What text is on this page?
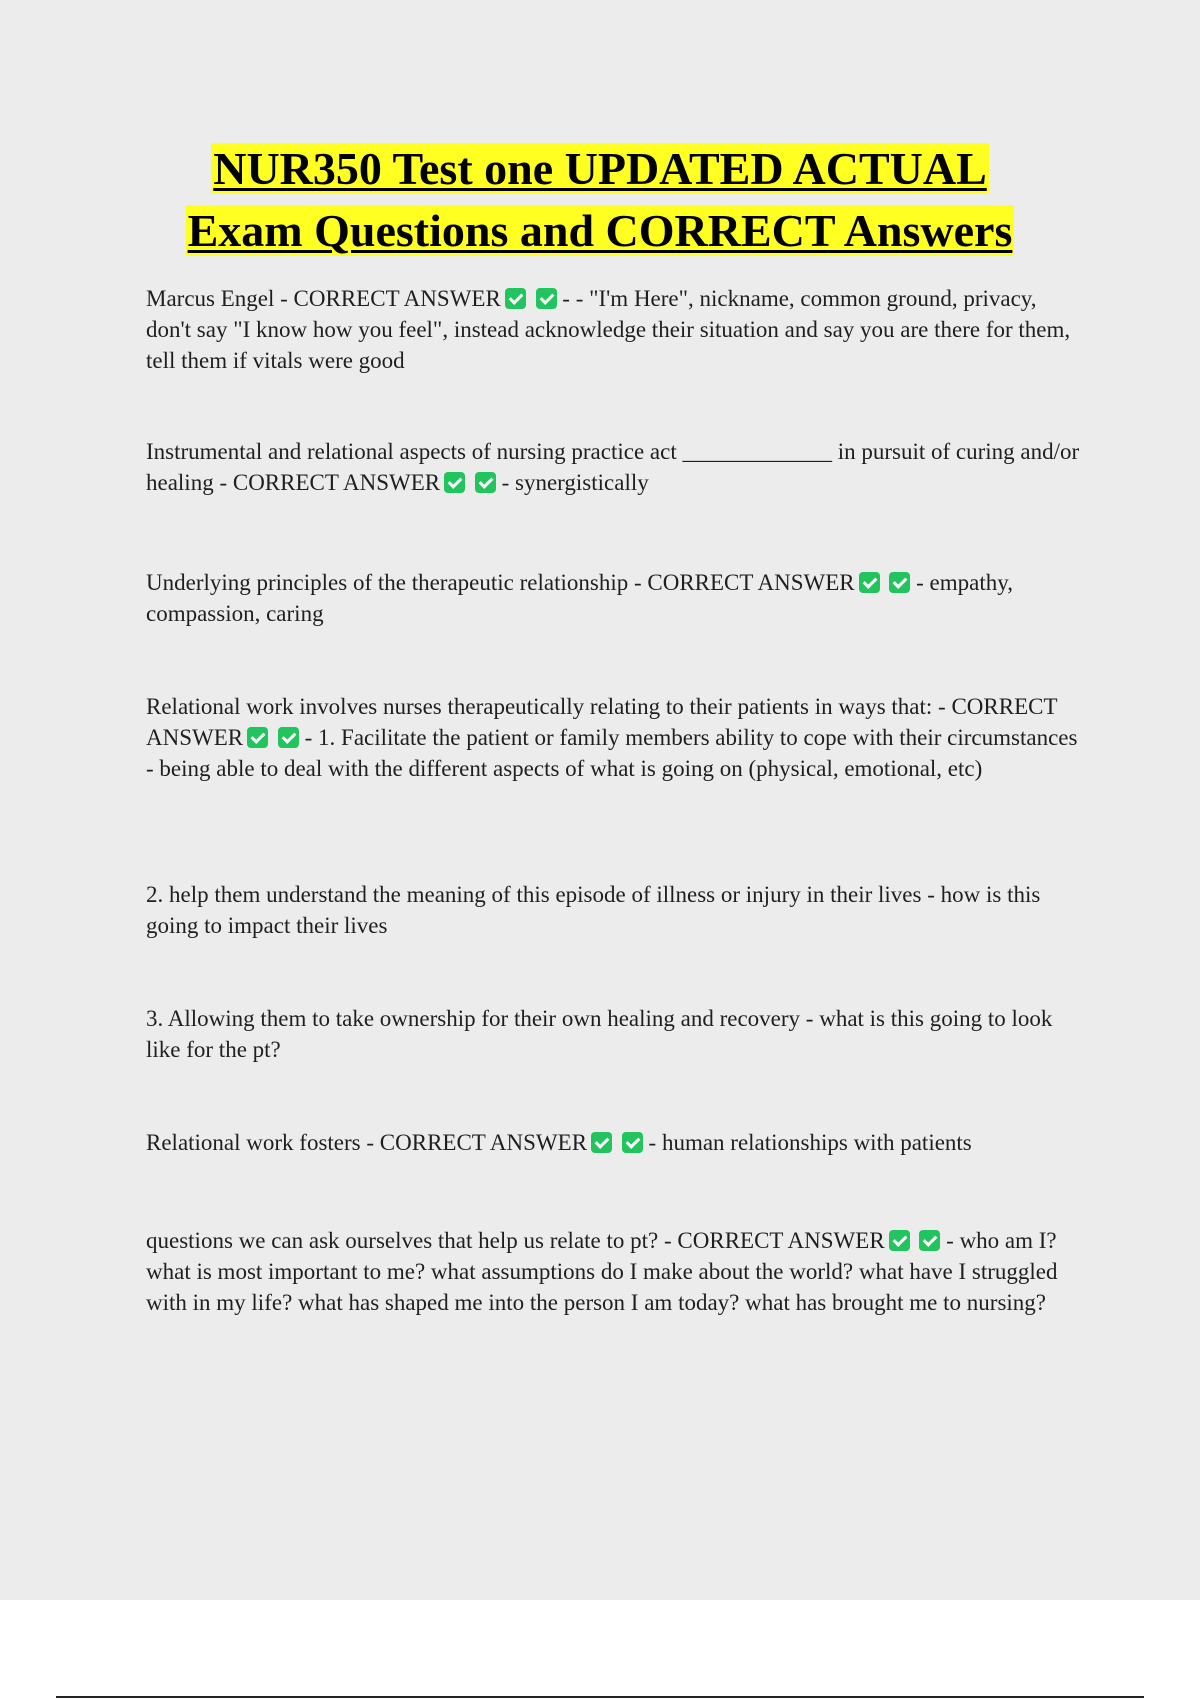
NUR350 Test one UPDATED ACTUAL
Exam Questions and CORRECT Answers

Marcus Engel - CORRECT ANSWER	- - "I'm Here", nickname, common ground, privacy, don't say "I know how you feel", instead acknowledge their situation and say you are there for them, tell them if vitals were good

Instrumental and relational aspects of nursing practice act _____________ in pursuit of curing and/or healing - CORRECT ANSWER	- synergistically

Underlying principles of the therapeutic relationship - CORRECT ANSWER	- empathy, compassion, caring

Relational work involves nurses therapeutically relating to their patients in ways that: - CORRECT ANSWER	- 1. Facilitate the patient or family members ability to cope with their circumstances - being able to deal with the different aspects of what is going on (physical, emotional, etc)

2. help them understand the meaning of this episode of illness or injury in their lives - how is this going to impact their lives

3. Allowing them to take ownership for their own healing and recovery - what is this going to look like for the pt?

Relational work fosters - CORRECT ANSWER	- human relationships with patients

questions we can ask ourselves that help us relate to pt? - CORRECT ANSWER	- who am I? what is most important to me? what assumptions do I make about the world? what have I struggled with in my life? what has shaped me into the person I am today? what has brought me to nursing?
